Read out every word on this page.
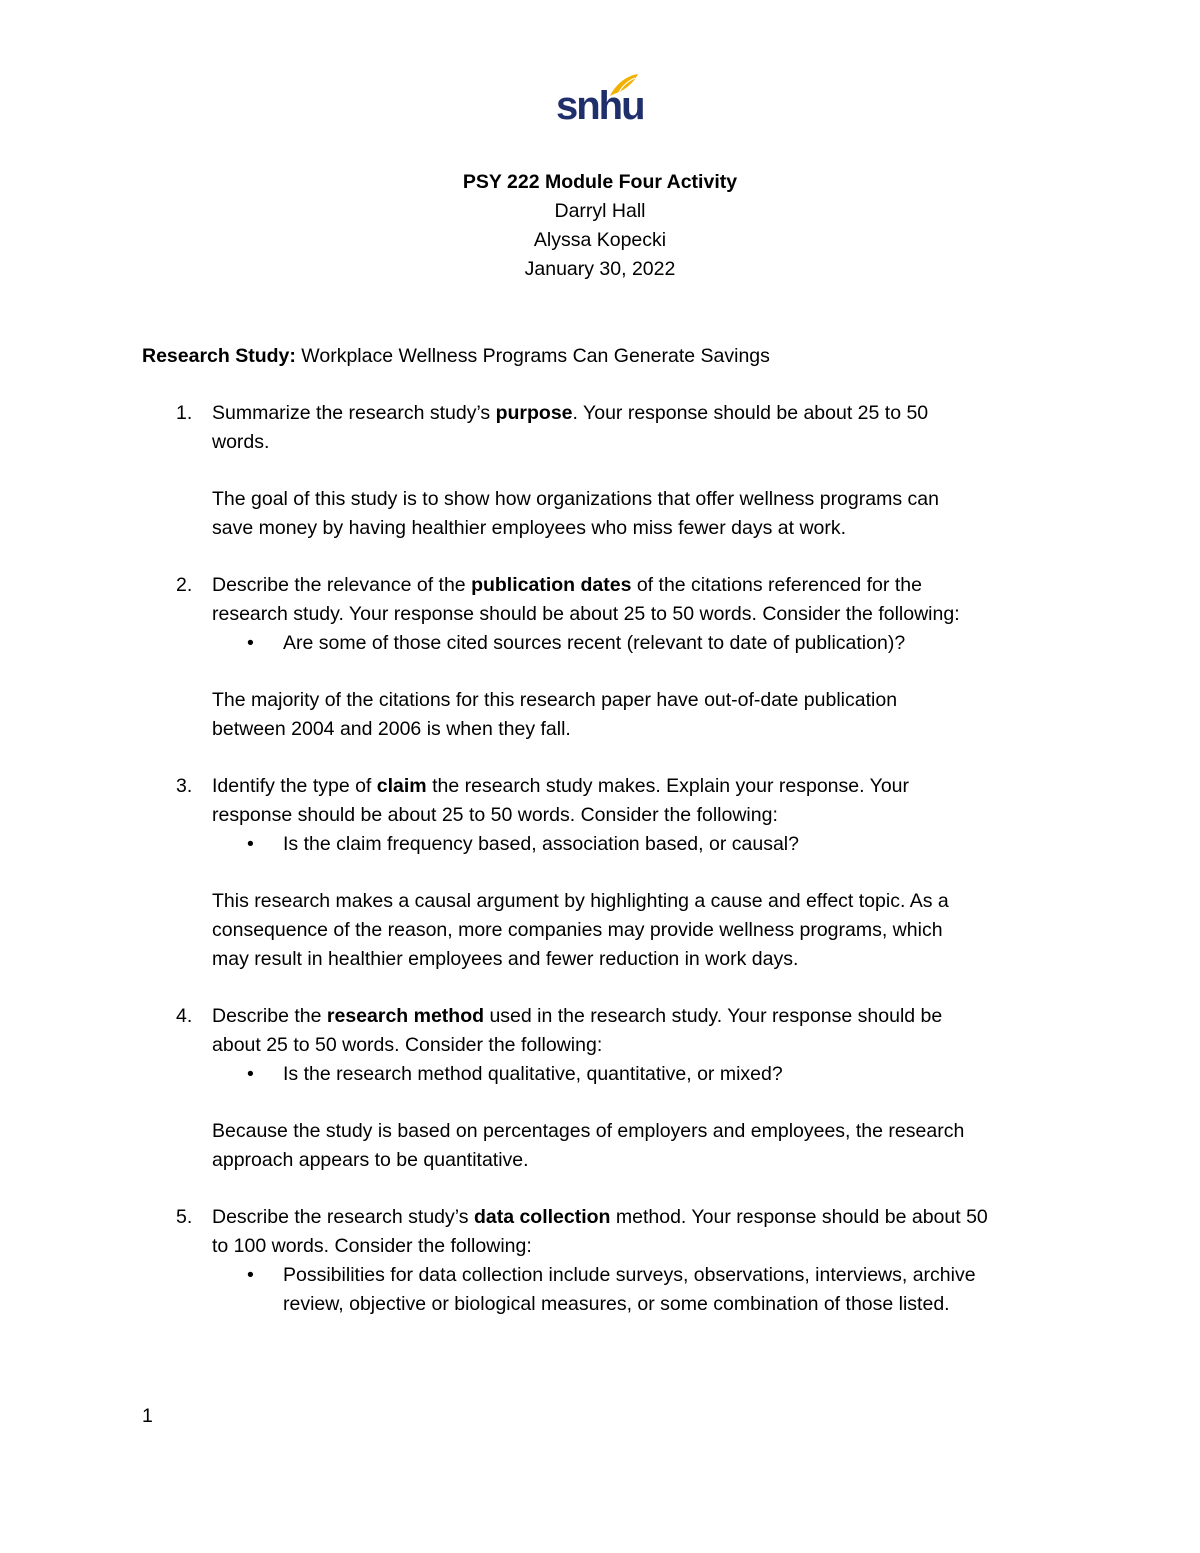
snhu
PSY 222 Module Four Activity
Darryl Hall
Alyssa Kopecki
January 30, 2022
Research Study: Workplace Wellness Programs Can Generate Savings
1. Summarize the research study’s purpose. Your response should be about 25 to 50
words.
The goal of this study is to show how organizations that offer wellness programs can
save money by having healthier employees who miss fewer days at work.
2. Describe the relevance of the publication dates of the citations referenced for the
research study. Your response should be about 25 to 50 words. Consider the following:
• Are some of those cited sources recent (relevant to date of publication)?
The majority of the citations for this research paper have out-of-date publication
between 2004 and 2006 is when they fall.
3. Identify the type of claim the research study makes. Explain your response. Your
response should be about 25 to 50 words. Consider the following:
• Is the claim frequency based, association based, or causal?
This research makes a causal argument by highlighting a cause and effect topic. As a
consequence of the reason, more companies may provide wellness programs, which
may result in healthier employees and fewer reduction in work days.
4. Describe the research method used in the research study. Your response should be
about 25 to 50 words. Consider the following:
• Is the research method qualitative, quantitative, or mixed?
Because the study is based on percentages of employers and employees, the research
approach appears to be quantitative.
5. Describe the research study’s data collection method. Your response should be about 50
to 100 words. Consider the following:
• Possibilities for data collection include surveys, observations, interviews, archive
review, objective or biological measures, or some combination of those listed.
1
